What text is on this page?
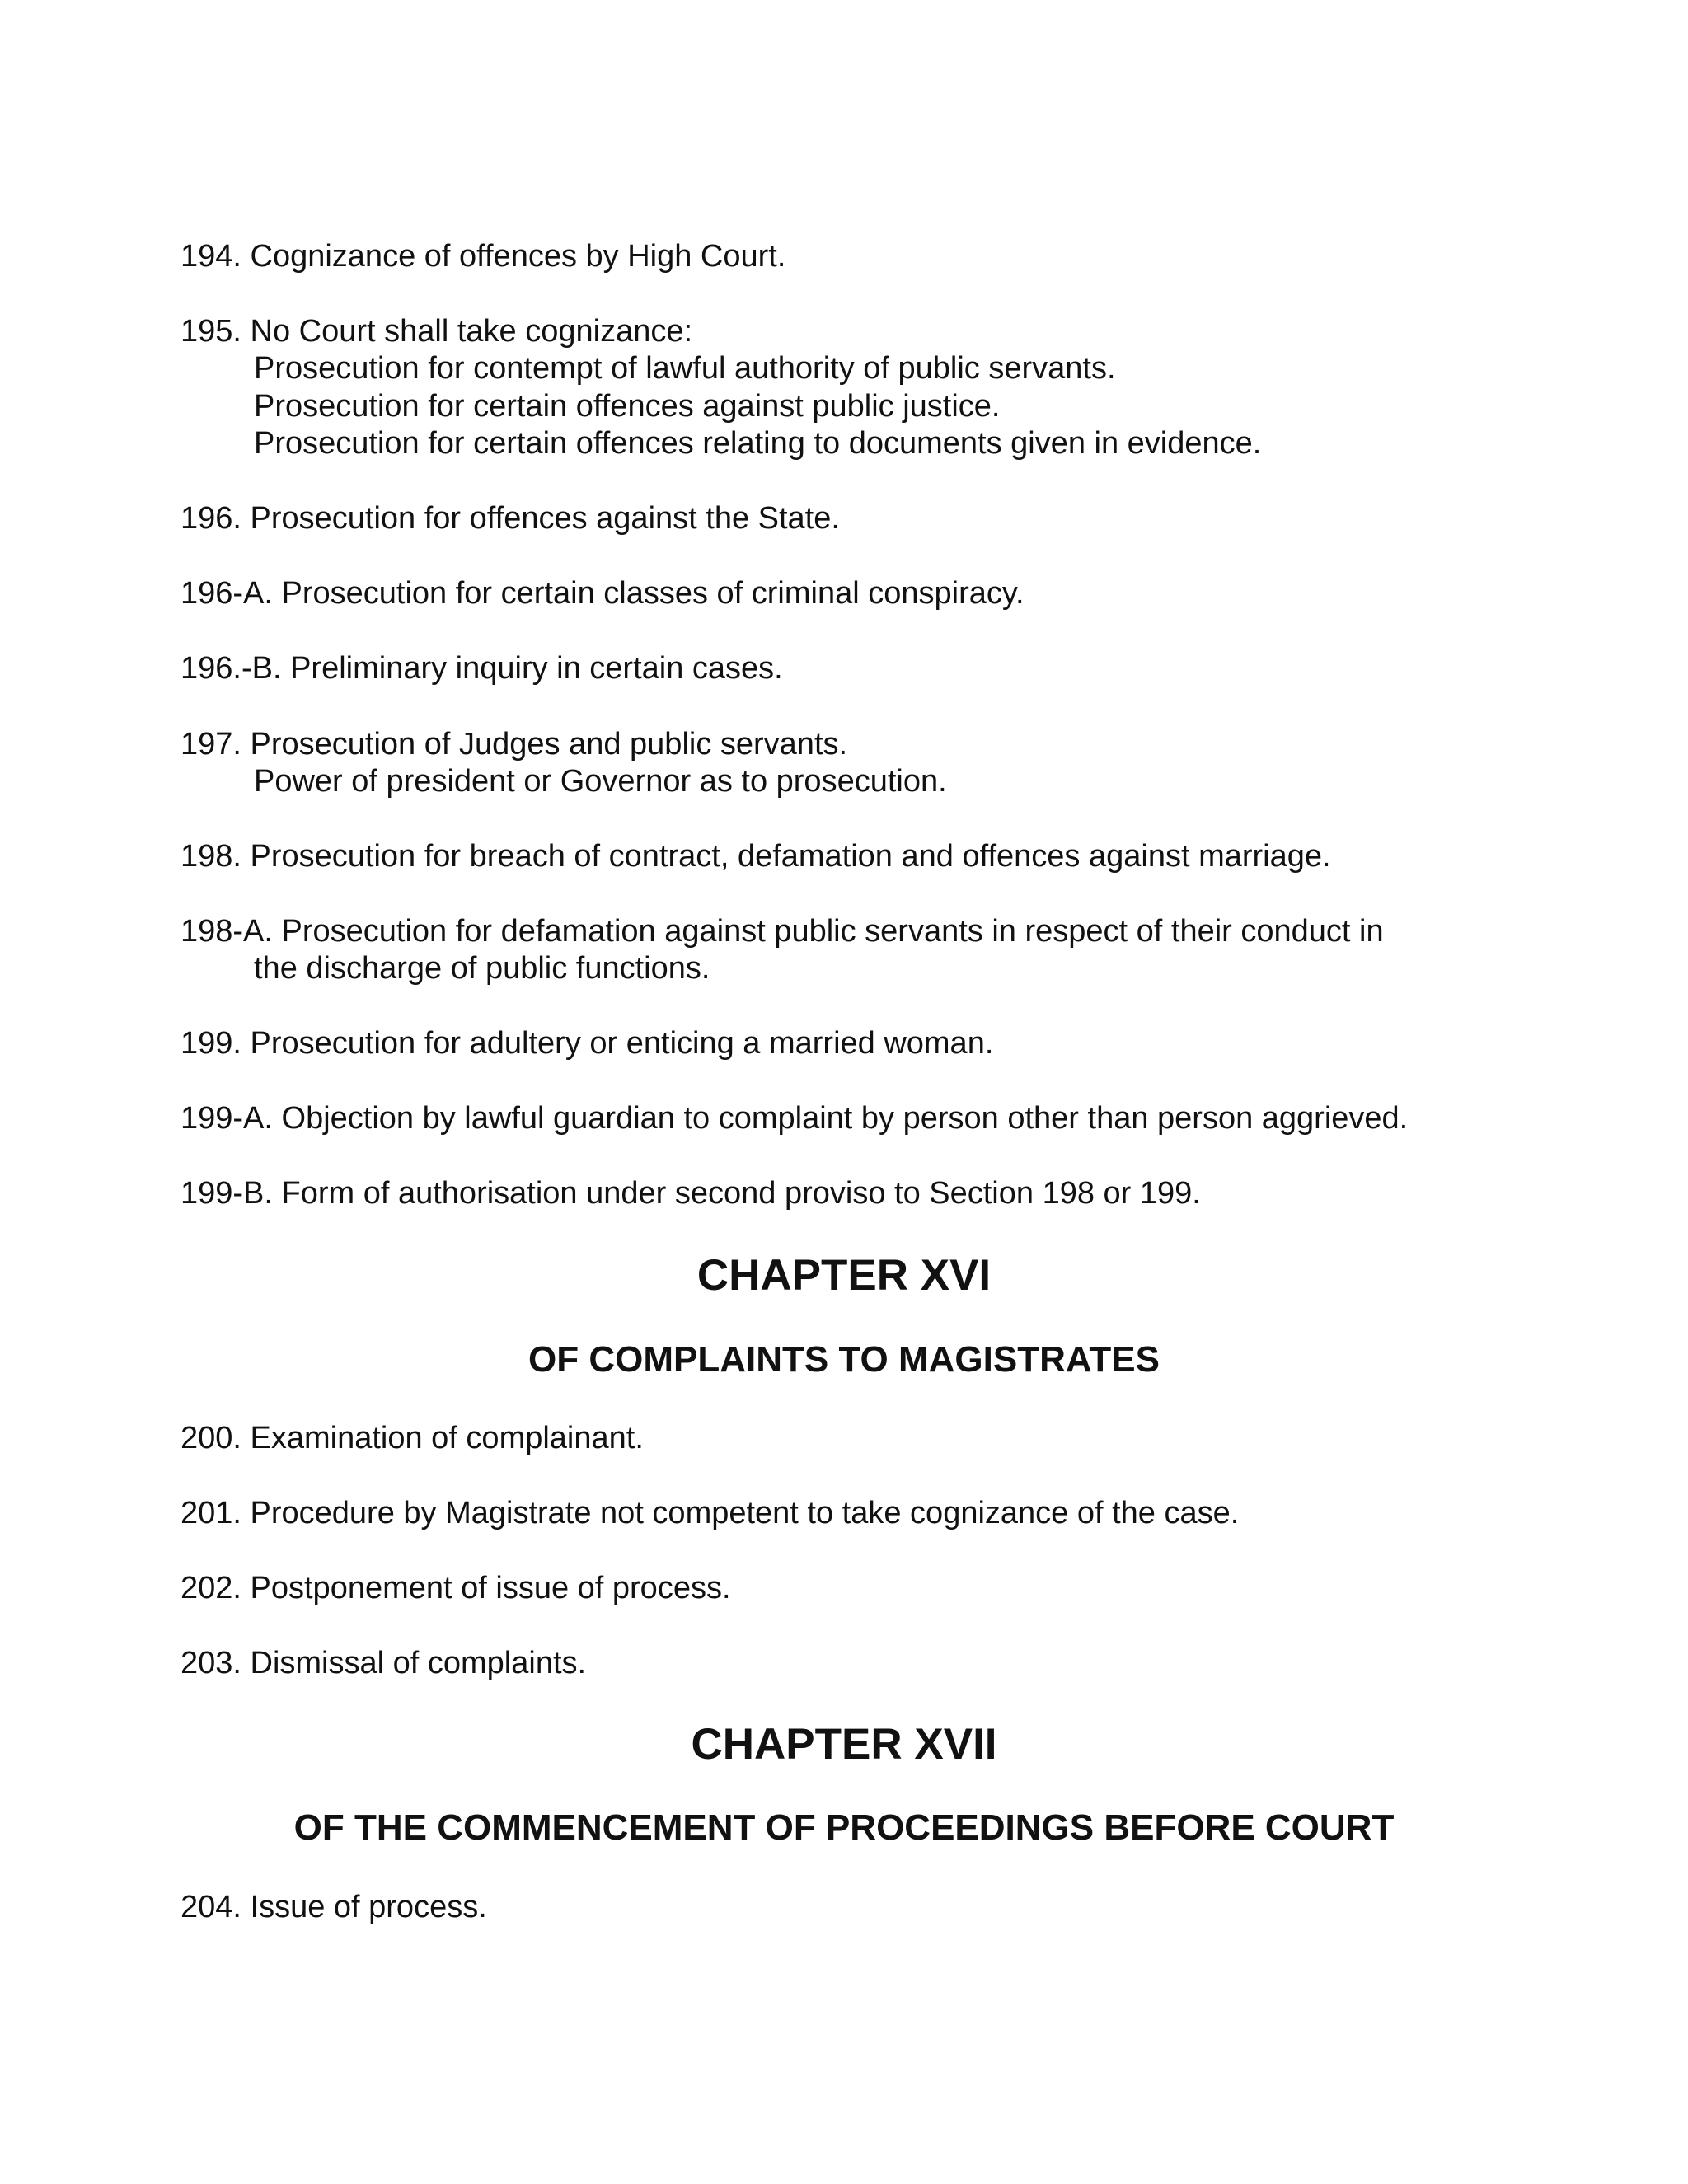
194. Cognizance of offences by High Court.
195. No Court shall take cognizance:
Prosecution for contempt of lawful authority of public servants.
Prosecution for certain offences against public justice.
Prosecution for certain offences relating to documents given in evidence.
196. Prosecution for offences against the State.
196-A. Prosecution for certain classes of criminal conspiracy.
196.-B. Preliminary inquiry in certain cases.
197. Prosecution of Judges and public servants.
Power of president or Governor as to prosecution.
198. Prosecution for breach of contract, defamation and offences against marriage.
198-A. Prosecution for defamation against public servants in respect of their conduct in
the discharge of public functions.
199. Prosecution for adultery or enticing a married woman.
199-A. Objection by lawful guardian to complaint by person other than person aggrieved.
199-B. Form of authorisation under second proviso to Section 198 or 199.
CHAPTER XVI
OF COMPLAINTS TO MAGISTRATES
200. Examination of complainant.
201. Procedure by Magistrate not competent to take cognizance of the case.
202. Postponement of issue of process.
203. Dismissal of complaints.
CHAPTER XVII
OF THE COMMENCEMENT OF PROCEEDINGS BEFORE COURT
204. Issue of process.
